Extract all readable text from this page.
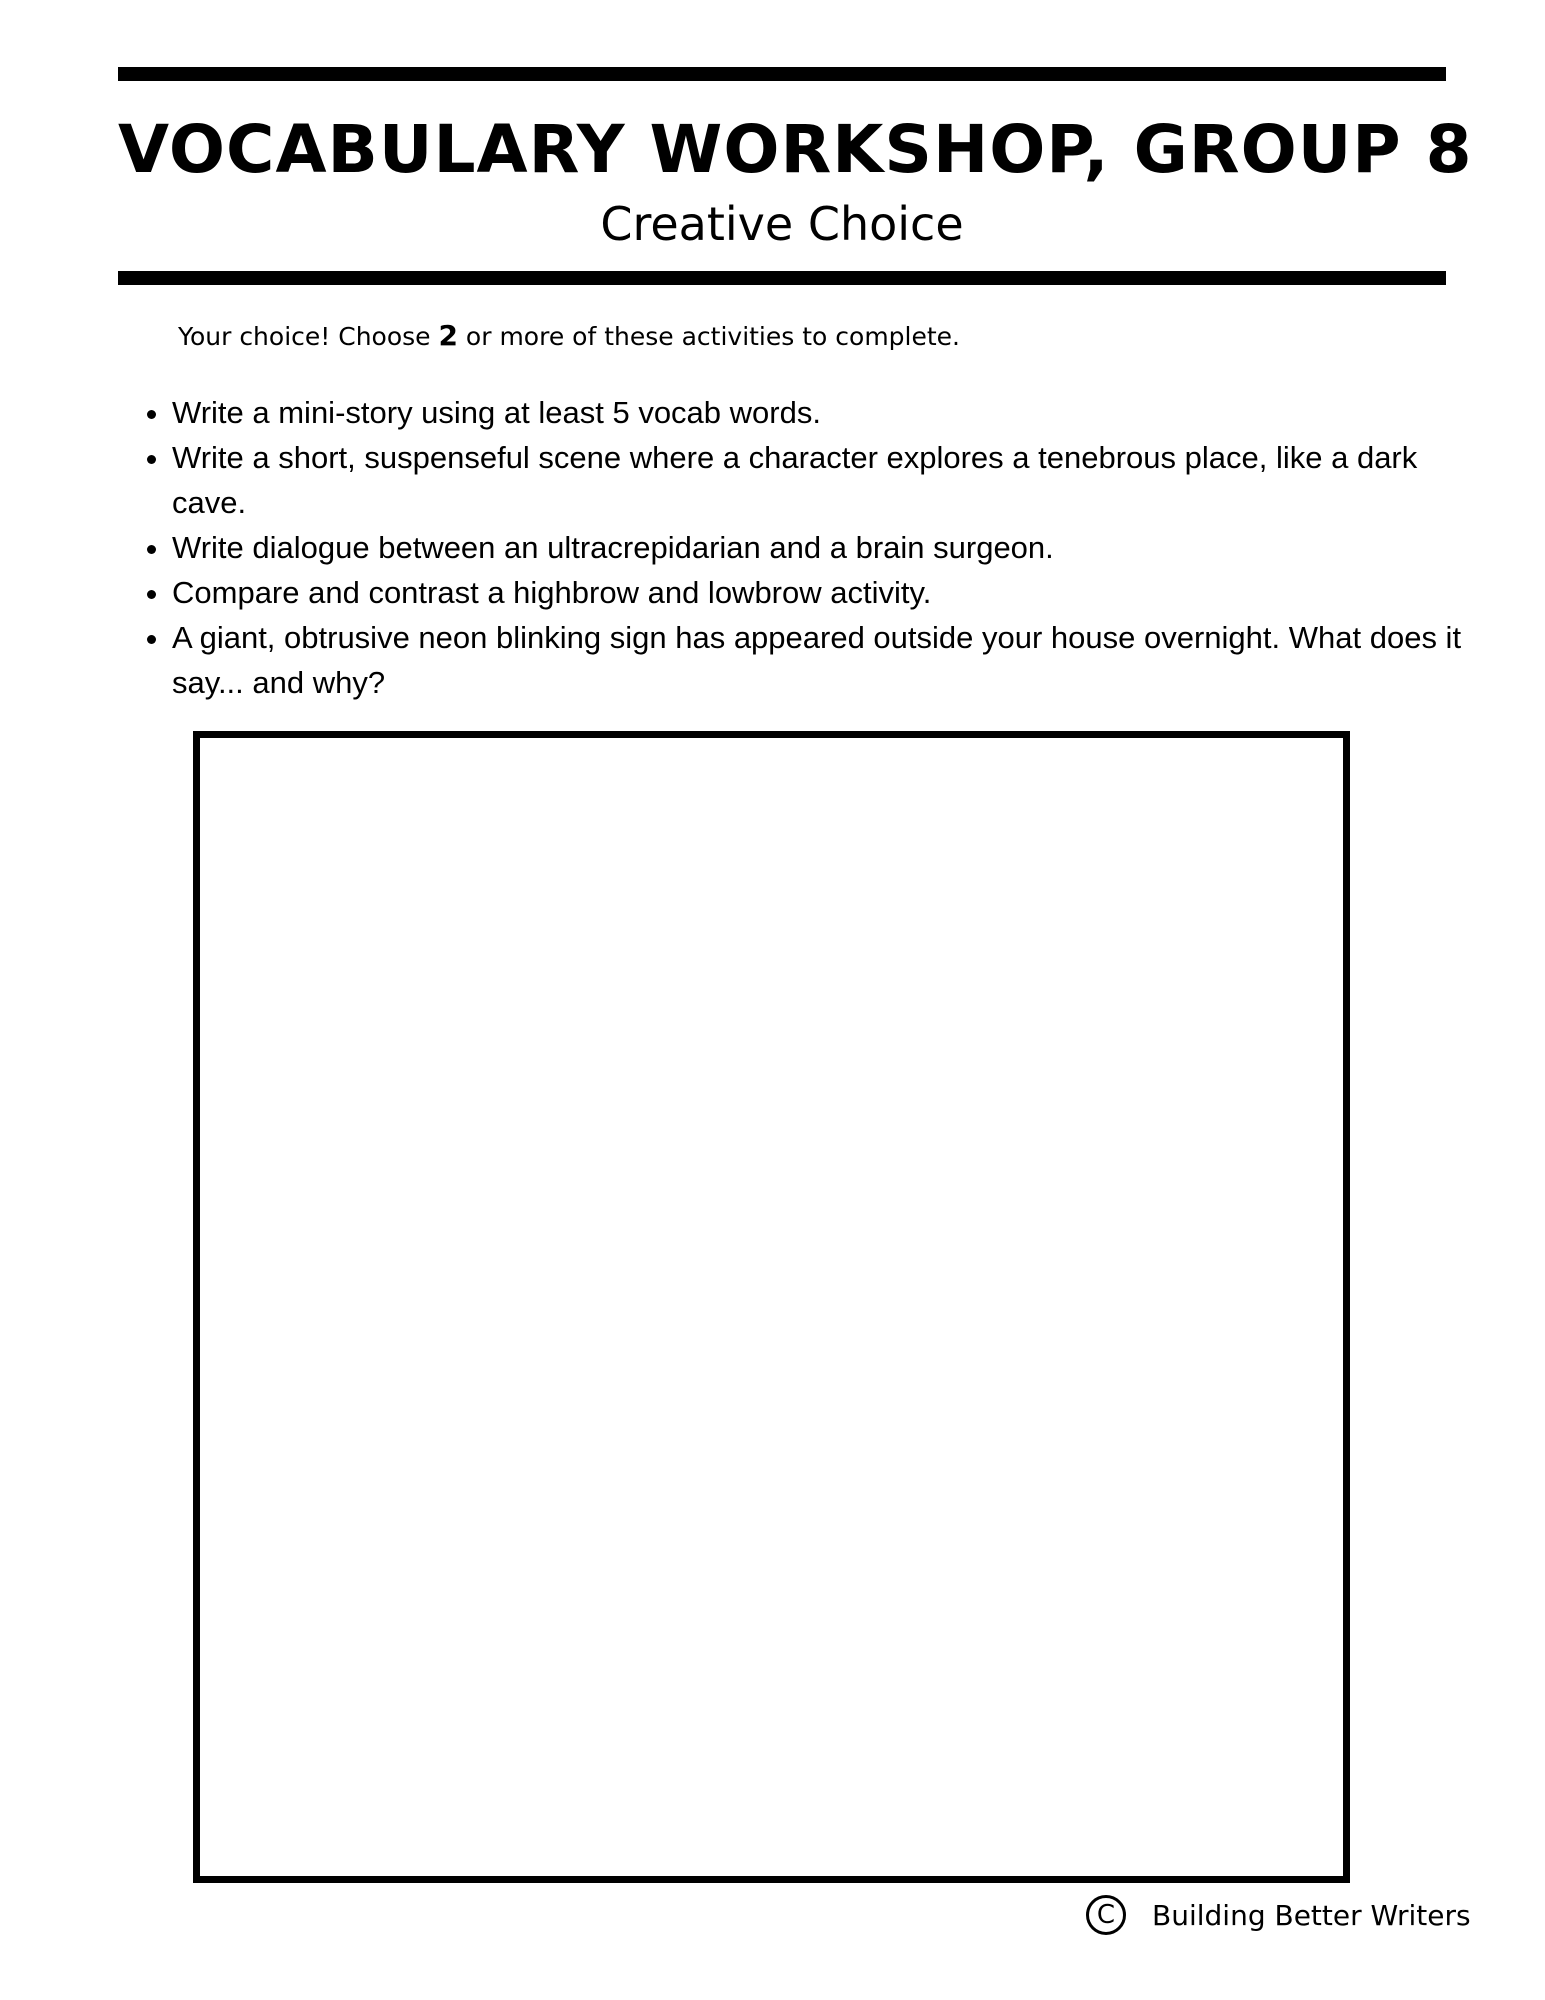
VOCABULARY WORKSHOP, GROUP 8
Creative Choice
Your choice! Choose 2 or more of these activities to complete.
• Write a mini-story using at least 5 vocab words.
• Write a short, suspenseful scene where a character explores a tenebrous place, like a dark cave.
• Write dialogue between an ultracrepidarian and a brain surgeon.
• Compare and contrast a highbrow and lowbrow activity.
• A giant, obtrusive neon blinking sign has appeared outside your house overnight. What does it say... and why?
C	Building Better Writers
